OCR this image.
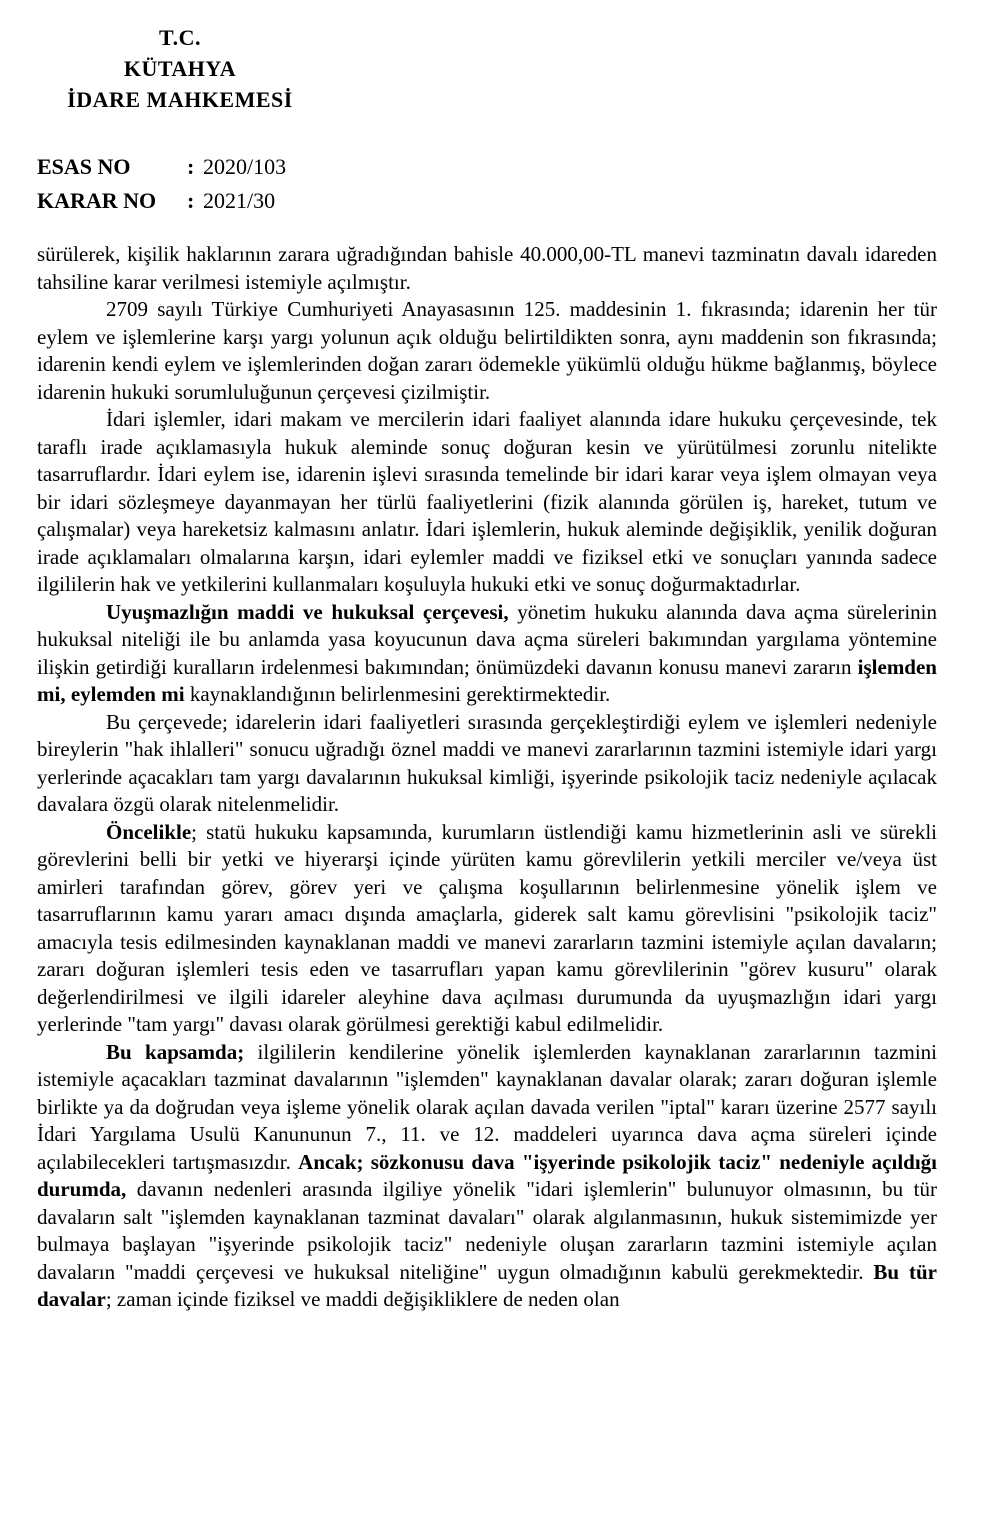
T.C.
KÜTAHYA
İDARE MAHKEMESİ
ESAS NO	: 2020/103
KARAR NO	: 2021/30

sürülerek, kişilik haklarının zarara uğradığından bahisle 40.000,00-TL manevi tazminatın davalı idareden tahsiline karar verilmesi istemiyle açılmıştır.

2709 sayılı Türkiye Cumhuriyeti Anayasasının 125. maddesinin 1. fıkrasında; idarenin her tür eylem ve işlemlerine karşı yargı yolunun açık olduğu belirtildikten sonra, aynı maddenin son fıkrasında; idarenin kendi eylem ve işlemlerinden doğan zararı ödemekle yükümlü olduğu hükme bağlanmış, böylece idarenin hukuki sorumluluğunun çerçevesi çizilmiştir.

İdari işlemler, idari makam ve mercilerin idari faaliyet alanında idare hukuku çerçevesinde, tek taraflı irade açıklamasıyla hukuk aleminde sonuç doğuran kesin ve yürütülmesi zorunlu nitelikte tasarruflardır. İdari eylem ise, idarenin işlevi sırasında temelinde bir idari karar veya işlem olmayan veya bir idari sözleşmeye dayanmayan her türlü faaliyetlerini (fizik alanında görülen iş, hareket, tutum ve çalışmalar) veya hareketsiz kalmasını anlatır. İdari işlemlerin, hukuk aleminde değişiklik, yenilik doğuran irade açıklamaları olmalarına karşın, idari eylemler maddi ve fiziksel etki ve sonuçları yanında sadece ilgililerin hak ve yetkilerini kullanmaları koşuluyla hukuki etki ve sonuç doğurmaktadırlar.

Uyuşmazlığın maddi ve hukuksal çerçevesi, yönetim hukuku alanında dava açma sürelerinin hukuksal niteliği ile bu anlamda yasa koyucunun dava açma süreleri bakımından yargılama yöntemine ilişkin getirdiği kuralların irdelenmesi bakımından; önümüzdeki davanın konusu manevi zararın işlemden mi, eylemden mi kaynaklandığının belirlenmesini gerektirmektedir.

Bu çerçevede; idarelerin idari faaliyetleri sırasında gerçekleştirdiği eylem ve işlemleri nedeniyle bireylerin "hak ihlalleri" sonucu uğradığı öznel maddi ve manevi zararlarının tazmini istemiyle idari yargı yerlerinde açacakları tam yargı davalarının hukuksal kimliği, işyerinde psikolojik taciz nedeniyle açılacak davalara özgü olarak nitelenmelidir.

Öncelikle; statü hukuku kapsamında, kurumların üstlendiği kamu hizmetlerinin asli ve sürekli görevlerini belli bir yetki ve hiyerarşi içinde yürüten kamu görevlilerin yetkili merciler ve/veya üst amirleri tarafından görev, görev yeri ve çalışma koşullarının belirlenmesine yönelik işlem ve tasarruflarının kamu yararı amacı dışında amaçlarla, giderek salt kamu görevlisini "psikolojik taciz" amacıyla tesis edilmesinden kaynaklanan maddi ve manevi zararların tazmini istemiyle açılan davaların; zararı doğuran işlemleri tesis eden ve tasarrufları yapan kamu görevlilerinin "görev kusuru" olarak değerlendirilmesi ve ilgili idareler aleyhine dava açılması durumunda da uyuşmazlığın idari yargı yerlerinde "tam yargı" davası olarak görülmesi gerektiği kabul edilmelidir.

Bu kapsamda; ilgililerin kendilerine yönelik işlemlerden kaynaklanan zararlarının tazmini istemiyle açacakları tazminat davalarının "işlemden" kaynaklanan davalar olarak; zararı doğuran işlemle birlikte ya da doğrudan veya işleme yönelik olarak açılan davada verilen "iptal" kararı üzerine 2577 sayılı İdari Yargılama Usulü Kanununun 7., 11. ve 12. maddeleri uyarınca dava açma süreleri içinde açılabilecekleri tartışmasızdır. Ancak; sözkonusu dava "işyerinde psikolojik taciz" nedeniyle açıldığı durumda, davanın nedenleri arasında ilgiliye yönelik "idari işlemlerin" bulunuyor olmasının, bu tür davaların salt "işlemden kaynaklanan tazminat davaları" olarak algılanmasının, hukuk sistemimizde yer bulmaya başlayan "işyerinde psikolojik taciz" nedeniyle oluşan zararların tazmini istemiyle açılan davaların "maddi çerçevesi ve hukuksal niteliğine" uygun olmadığının kabulü gerekmektedir. Bu tür davalar; zaman içinde fiziksel ve maddi değişikliklere de neden olan
